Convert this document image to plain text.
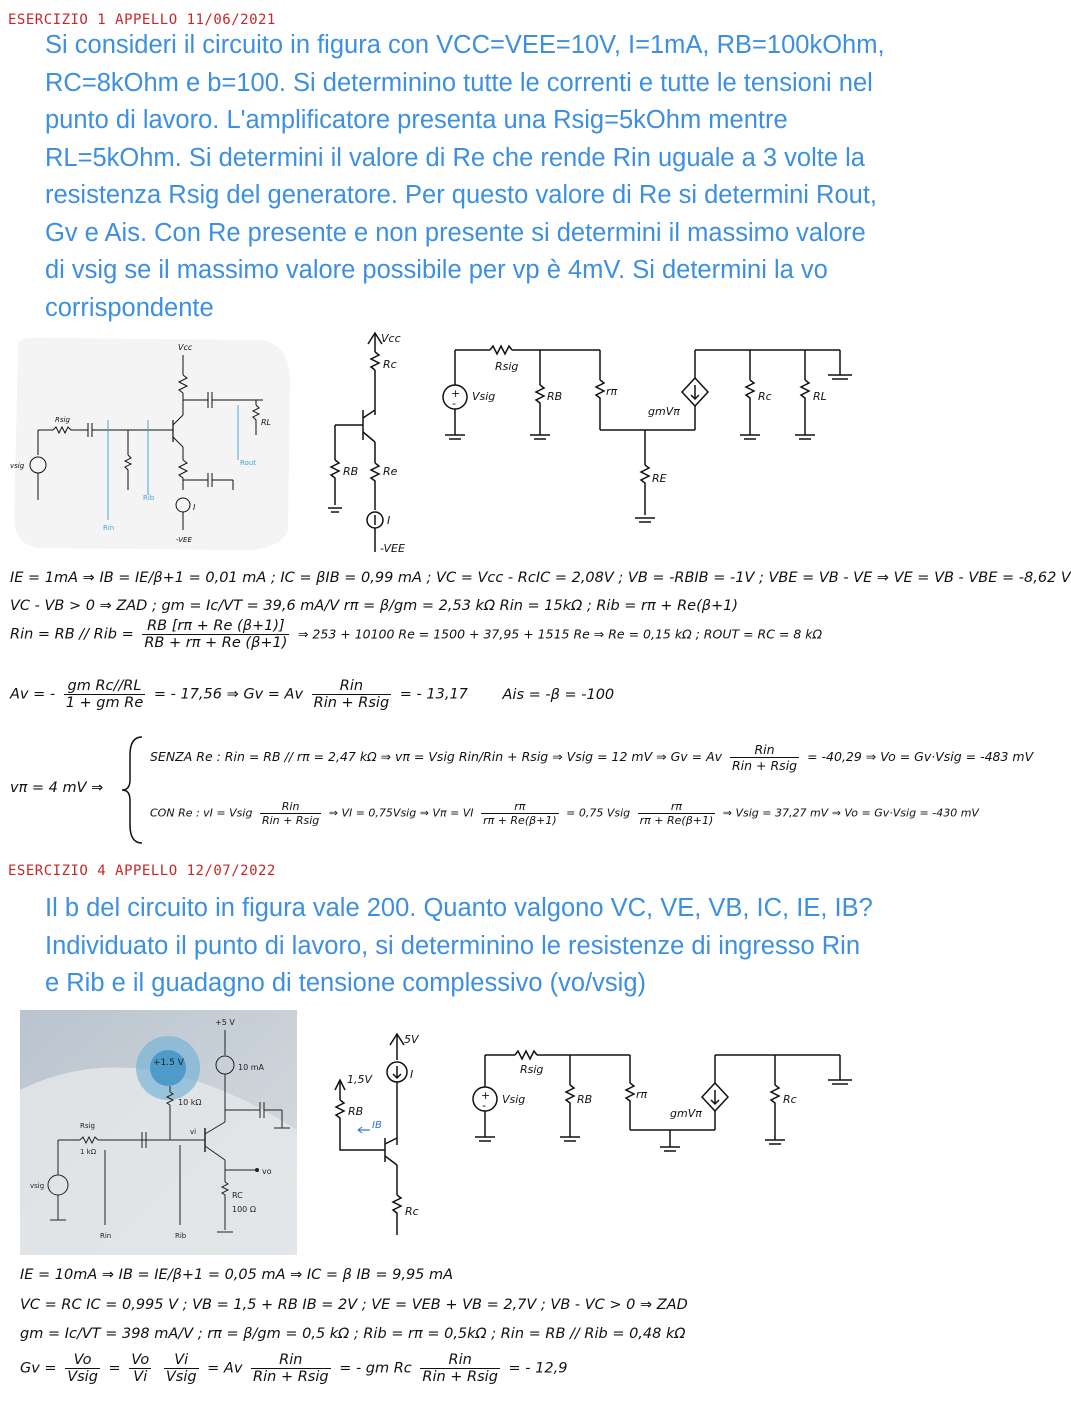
ESERCIZIO 1 APPELLO 11/06/2021
Si consideri il circuito in figura con VCC=VEE=10V, I=1mA, RB=100kOhm,
RC=8kOhm e b=100. Si determinino tutte le correnti e tutte le tensioni nel
punto di lavoro. L'amplificatore presenta una Rsig=5kOhm mentre
RL=5kOhm. Si determini il valore di Re che rende Rin uguale a 3 volte la
resistenza Rsig del generatore. Per questo valore di Re si determini Rout,
Gv e Ais. Con Re presente e non presente si determini il massimo valore
di vsig se il massimo valore possibile per vp è 4mV. Si determini la vo
corrispondente
Vcc
RL
I
-VEE
Rsig
vsig
Rin
Rib
Rout
Vcc
Rc
RB Re
I
-VEE
Rsig
+
-
Vsig	RB	rπ
RE
gmVπ
Rc	RL
IE = 1mA ⇒ IB = IE/β+1 = 0,01 mA ; IC = βIB = 0,99 mA ; VC = Vcc - RcIC = 2,08V ; VB = -RBIB = -1V ; VBE = VB - VE ⇒ VE = VB - VBE = -8,62 V
VC - VB > 0 ⇒ ZAD ; gm = Ic/VT = 39,6 mA/V rπ = β/gm = 2,53 kΩ Rin = 15kΩ ; Rib = rπ + Re(β+1)
Rin = RB // Rib = $\frac{RB [r\pi + Re (\beta+1)]}{RB + r\pi + Re (\beta+1)}$ ⇒ 253 + 10100 Re = 1500 + 37,95 + 1515 Re ⇒ Re = 0,15 kΩ ; ROUT = RC = 8 kΩ
Av = - $\frac{\text{gm Rc//RL}}{\text{1 + gm Re}}$ = - 17,56 ⇒ Gv = Av $\frac{\text{Rin}}{\text{Rin + Rsig}}$ = - 13,17 Ais = -β = -100
vπ = 4 mV ⇒
SENZA Re : Rin = RB // rπ = 2,47 kΩ ⇒ vπ = Vsig Rin/Rin + Rsig ⇒ Vsig = 12 mV ⇒ Gv = Av $\frac{\text{Rin}}{\text{Rin + Rsig}} = -40,29$ ⇒ Vo = Gv·Vsig = -483 mV
CON Re : vI = Vsig $\frac{\text{Rin}}{\text{Rin + Rsig}}$ ⇒ VI = 0,75Vsig ⇒ Vπ = VI $\frac{r\pi}{r\pi + Re(\beta+1)} = 0,75$ Vsig $\frac{r\pi}{r\pi + Re(\beta+1)}$ ⇒ Vsig = 37,27 mV ⇒ Vo = Gv·Vsig = -430 mV
ESERCIZIO 4 APPELLO 12/07/2022
Il b del circuito in figura vale 200. Quanto valgono VC, VE, VB, IC, IE, IB?
Individuato il punto di lavoro, si determinino le resistenze di ingresso Rin
e Rib e il guadagno di tensione complessivo (vo/vsig)
+1.5 V
+5 V
10 mA
10 kΩ
vi
vo
RC
100 Ω
Rsig
1 kΩ
vsig
Rin	Rib
5V
I
1,5V
RB
IB
Rc
Rsig
+
- Vsig	RB	rπ
gmVπ
Rc
IE = 10mA ⇒ IB = IE/β+1 = 0,05 mA ⇒ IC = β IB = 9,95 mA
VC = RC IC = 0,995 V ; VB = 1,5 + RB IB = 2V ; VE = VEB + VB = 2,7V ; VB - VC > 0 ⇒ ZAD
gm = Ic/VT = 398 mA/V ; rπ = β/gm = 0,5 kΩ ; Rib = rπ = 0,5kΩ ; Rin = RB // Rib = 0,48 kΩ
$Gv = \frac{Vo}{\text{Vsig}} = \frac{Vo}{Vi}$
$\frac{Vi}{\text{Vsig}} = Av \frac{\text{Rin}}{\text{Rin + Rsig}}$ = - gm Rc $\frac{\text{Rin}}{\text{Rin + Rsig}}$ = - 12,9
